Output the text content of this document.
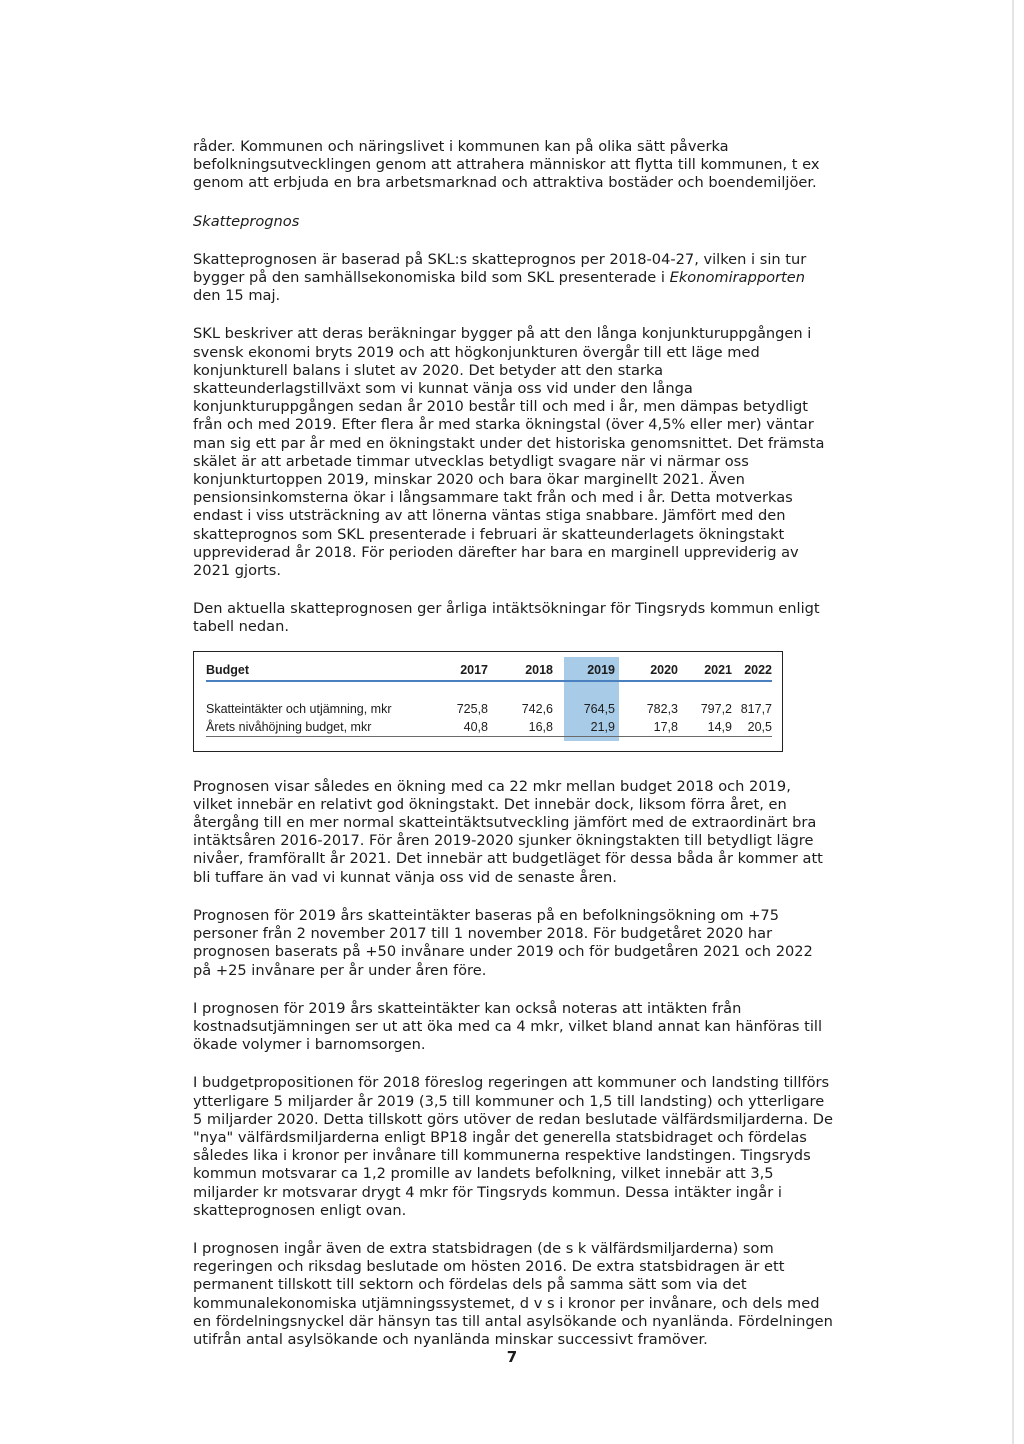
råder. Kommunen och näringslivet i kommunen kan på olika sätt påverka befolkningsutvecklingen genom att attrahera människor att flytta till kommunen, t ex genom att erbjuda en bra arbetsmarknad och attraktiva bostäder och boendemiljöer.

Skatteprognos

Skatteprognosen är baserad på SKL:s skatteprognos per 2018-04-27, vilken i sin tur bygger på den samhällsekonomiska bild som SKL presenterade i Ekonomirapporten den 15 maj.

SKL beskriver att deras beräkningar bygger på att den långa konjunkturuppgången i svensk ekonomi bryts 2019 och att högkonjunkturen övergår till ett läge med konjunkturell balans i slutet av 2020. Det betyder att den starka skatteunderlagstillväxt som vi kunnat vänja oss vid under den långa konjunkturuppgången sedan år 2010 består till och med i år, men dämpas betydligt från och med 2019. Efter flera år med starka ökningstal (över 4,5% eller mer) väntar man sig ett par år med en ökningstakt under det historiska genomsnittet. Det främsta skälet är att arbetade timmar utvecklas betydligt svagare när vi närmar oss konjunkturtoppen 2019, minskar 2020 och bara ökar marginellt 2021. Även pensionsinkomsterna ökar i långsammare takt från och med i år. Detta motverkas endast i viss utsträckning av att lönerna väntas stiga snabbare. Jämfört med den skatteprognos som SKL presenterade i februari är skatteunderlagets ökningstakt uppreviderad år 2018. För perioden därefter har bara en marginell uppreviderig av 2021 gjorts.

Den aktuella skatteprognosen ger årliga intäktsökningar för Tingsryds kommun enligt tabell nedan.

Budget	2017	2018	2019	2020	2021 2022
Skatteintäkter och utjämning, mkr	725,8	742,6	764,5	782,3	797,2 817,7
Årets nivåhöjning budget, mkr	40,8	16,8	21,9	17,8	14,9	20,5

Prognosen visar således en ökning med ca 22 mkr mellan budget 2018 och 2019, vilket innebär en relativt god ökningstakt. Det innebär dock, liksom förra året, en återgång till en mer normal skatteintäktsutveckling jämfört med de extraordinärt bra intäktsåren 2016-2017. För åren 2019-2020 sjunker ökningstakten till betydligt lägre nivåer, framförallt år 2021. Det innebär att budgetläget för dessa båda år kommer att bli tuffare än vad vi kunnat vänja oss vid de senaste åren.

Prognosen för 2019 års skatteintäkter baseras på en befolkningsökning om +75 personer från 2 november 2017 till 1 november 2018. För budgetåret 2020 har prognosen baserats på +50 invånare under 2019 och för budgetåren 2021 och 2022 på +25 invånare per år under åren före.

I prognosen för 2019 års skatteintäkter kan också noteras att intäkten från kostnadsutjämningen ser ut att öka med ca 4 mkr, vilket bland annat kan hänföras till ökade volymer i barnomsorgen.

I budgetpropositionen för 2018 föreslog regeringen att kommuner och landsting tillförs ytterligare 5 miljarder år 2019 (3,5 till kommuner och 1,5 till landsting) och ytterligare 5 miljarder 2020. Detta tillskott görs utöver de redan beslutade välfärdsmiljarderna. De "nya" välfärdsmiljarderna enligt BP18 ingår det generella statsbidraget och fördelas således lika i kronor per invånare till kommunerna respektive landstingen. Tingsryds kommun motsvarar ca 1,2 promille av landets befolkning, vilket innebär att 3,5 miljarder kr motsvarar drygt 4 mkr för Tingsryds kommun. Dessa intäkter ingår i skatteprognosen enligt ovan.

I prognosen ingår även de extra statsbidragen (de s k välfärdsmiljarderna) som regeringen och riksdag beslutade om hösten 2016. De extra statsbidragen är ett permanent tillskott till sektorn och fördelas dels på samma sätt som via det kommunalekonomiska utjämningssystemet, d v s i kronor per invånare, och dels med en fördelningsnyckel där hänsyn tas till antal asylsökande och nyanlända. Fördelningen utifrån antal asylsökande och nyanlända minskar successivt framöver.

7
